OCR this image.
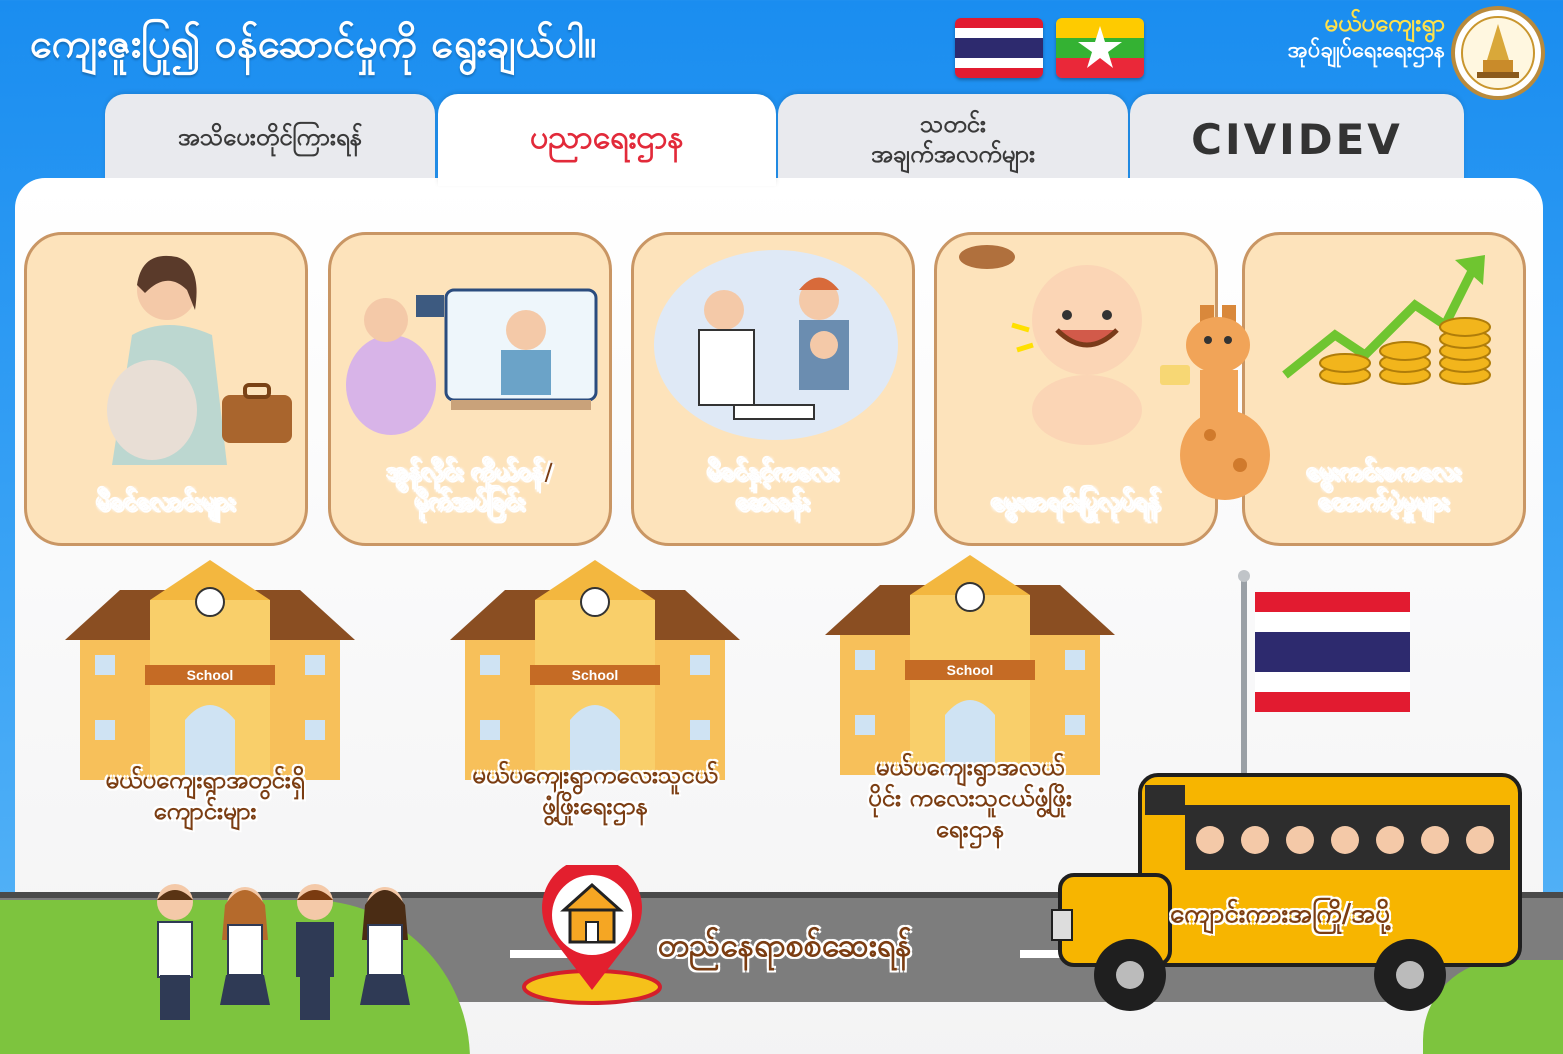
ကျေးဇူးပြု၍ ဝန်ဆောင်မှုကို ရွေးချယ်ပါ။	မယ်ပကျေးရွာ
အုပ်ချုပ်ရေးရေးဌာန
အသိပေးတိုင်ကြားရန်	သတင်း
အချက်အလက်များ	CIVIDEV
ပညာရေးဌာန
မီခင်လောင်းများ
အွန်လိုင်း ကိုယ်ဝန်/
မိုက်အပ်ခြင်း
မိခင်နှင့်ကလေး
ဆေးခန်း	မွေးစာရင်းပြုလုပ်ရန်
မွေးကင်းစကလေး
ထောက်ပံ့မှုများ
School	School	School
မယ်ပကျေးရွာအတွင်းရှိ
ကျောင်းများ
မယ်ပကျေးရွာကလေးသူငယ်
ဖွံ့ဖြိုးရေးဌာန
မယ်ပကျေးရွာအလယ်
ပိုင်း ကလေးသူငယ်ဖွံ့ဖြိုး
ရေးဌာန
တည်နေရာစစ်ဆေးရန်
ကျောင်းကားအကြို/အပို့
